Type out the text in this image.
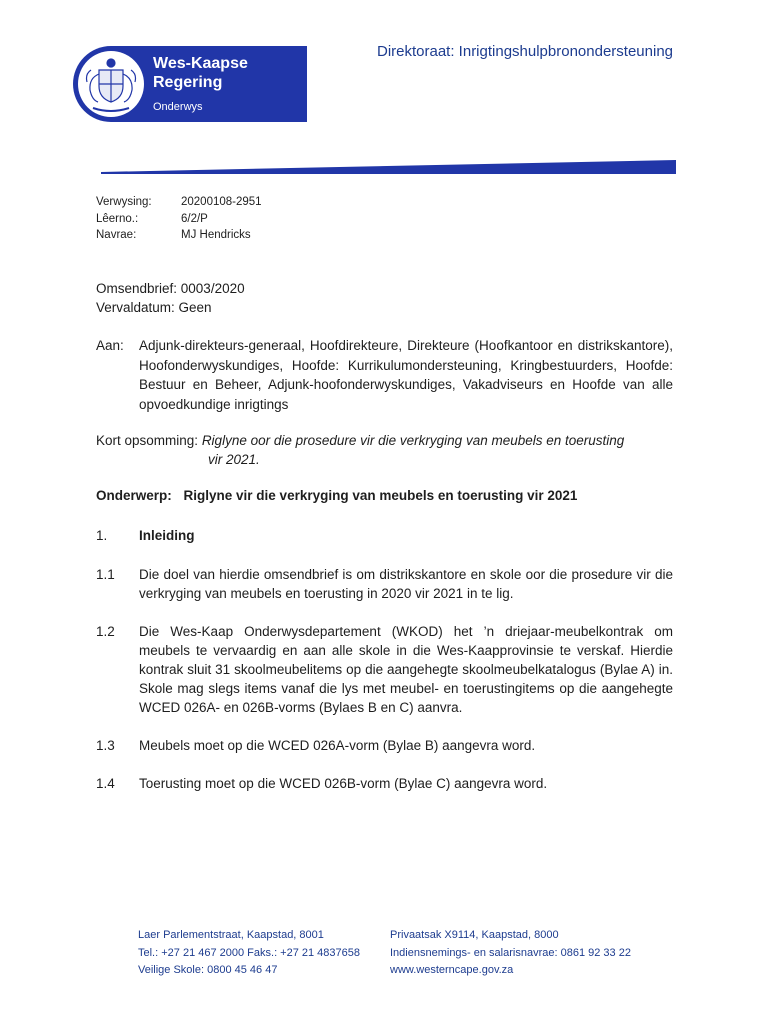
Wes-Kaapse
Regering
Onderwys
Direktoraat: Inrigtingshulpbronondersteuning
Verwysing:	20200108-2951
Lêerno.:	6/2/P
Navrae:	MJ Hendricks
Omsendbrief: 0003/2020
Vervaldatum: Geen
Aan:	Adjunk-direkteurs-generaal, Hoofdirekteure, Direkteure (Hoofkantoor en distrikskantore), Hoofonderwyskundiges, Hoofde: Kurrikulumondersteuning, Kringbestuurders, Hoofde: Bestuur en Beheer, Adjunk-hoofonderwyskundiges, Vakadviseurs en Hoofde van alle opvoedkundige inrigtings
Kort opsomming: Riglyne oor die prosedure vir die verkryging van meubels en toerusting
vir 2021.
Onderwerp: Riglyne vir die verkryging van meubels en toerusting vir 2021
1.	Inleiding
1.1	Die doel van hierdie omsendbrief is om distrikskantore en skole oor die prosedure vir die verkryging van meubels en toerusting in 2020 vir 2021 in te lig.
1.2	Die Wes-Kaap Onderwysdepartement (WKOD) het ’n driejaar-meubelkontrak om meubels te vervaardig en aan alle skole in die Wes-Kaapprovinsie te verskaf. Hierdie kontrak sluit 31 skoolmeubelitems op die aangehegte skoolmeubelkatalogus (Bylae A) in. Skole mag slegs items vanaf die lys met meubel- en toerustingitems op die aangehegte WCED 026A- en 026B-vorms (Bylaes B en C) aanvra.
1.3	Meubels moet op die WCED 026A-vorm (Bylae B) aangevra word.
1.4	Toerusting moet op die WCED 026B-vorm (Bylae C) aangevra word.
Laer Parlementstraat, Kaapstad, 8001
Tel.: +27 21 467 2000 Faks.: +27 21 4837658
Veilige Skole: 0800 45 46 47
Privaatsak X9114, Kaapstad, 8000
Indiensnemings- en salarisnavrae: 0861 92 33 22
www.westerncape.gov.za
